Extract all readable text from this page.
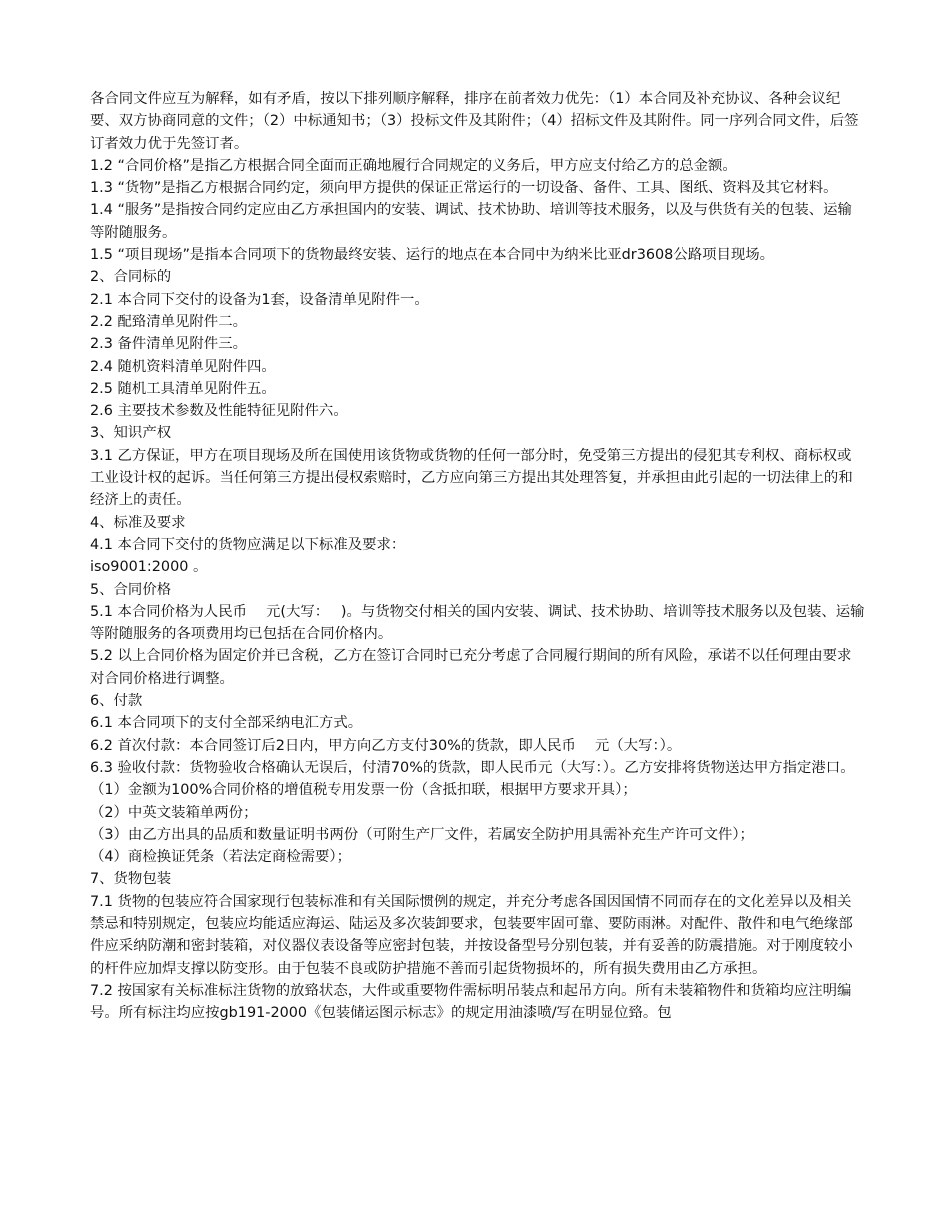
各合同文件应互为解释，如有矛盾，按以下排列顺序解释，排序在前者效力优先：（1）本合同及补充协议、各种会议纪要、双方协商同意的文件；（2）中标通知书；（3）投标文件及其附件；（4）招标文件及其附件。同一序列合同文件，后签订者效力优于先签订者。

1.2 “合同价格”是指乙方根据合同全面而正确地履行合同规定的义务后，甲方应支付给乙方的总金额。

1.3 “货物”是指乙方根据合同约定，须向甲方提供的保证正常运行的一切设备、备件、工具、图纸、资料及其它材料。

1.4 “服务”是指按合同约定应由乙方承担国内的安装、调试、技术协助、培训等技术服务，以及与供货有关的包装、运输等附随服务。

1.5 “项目现场”是指本合同项下的货物最终安装、运行的地点在本合同中为纳米比亚dr3608公路项目现场。

2、合同标的

2.1 本合同下交付的设备为1套，设备清单见附件一。

2.2 配臵清单见附件二。

2.3 备件清单见附件三。

2.4 随机资料清单见附件四。

2.5 随机工具清单见附件五。

2.6 主要技术参数及性能特征见附件六。

3、知识产权

3.1 乙方保证，甲方在项目现场及所在国使用该货物或货物的任何一部分时，免受第三方提出的侵犯其专利权、商标权或工业设计权的起诉。当任何第三方提出侵权索赔时，乙方应向第三方提出其处理答复，并承担由此引起的一切法律上的和经济上的责任。

4、标准及要求

4.1 本合同下交付的货物应满足以下标准及要求：

iso9001:2000 。

5、合同价格

5.1 本合同价格为人民币　 元(大写：　 )。与货物交付相关的国内安装、调试、技术协助、培训等技术服务以及包装、运输等附随服务的各项费用均已包括在合同价格内。

5.2 以上合同价格为固定价并已含税，乙方在签订合同时已充分考虑了合同履行期间的所有风险，承诺不以任何理由要求对合同价格进行调整。

6、付款

6.1 本合同项下的支付全部采纳电汇方式。

6.2 首次付款：本合同签订后2日内，甲方向乙方支付30%的货款，即人民币　 元（大写：）。

6.3 验收付款：货物验收合格确认无误后，付清70%的货款，即人民币元（大写：）。乙方安排将货物送达甲方指定港口。

（1）金额为100%合同价格的增值税专用发票一份（含抵扣联，根据甲方要求开具）；

（2）中英文装箱单两份；

（3）由乙方出具的品质和数量证明书两份（可附生产厂文件，若属安全防护用具需补充生产许可文件）；

（4）商检换证凭条（若法定商检需要）；

7、货物包装

7.1 货物的包装应符合国家现行包装标准和有关国际惯例的规定，并充分考虑各国因国情不同而存在的文化差异以及相关禁忌和特别规定，包装应均能适应海运、陆运及多次装卸要求，包装要牢固可靠、要防雨淋。对配件、散件和电气绝缘部件应采纳防潮和密封装箱，对仪器仪表设备等应密封包装，并按设备型号分别包装，并有妥善的防震措施。对于刚度较小的杆件应加焊支撑以防变形。由于包装不良或防护措施不善而引起货物损坏的，所有损失费用由乙方承担。

7.2 按国家有关标准标注货物的放臵状态，大件或重要物件需标明吊装点和起吊方向。所有未装箱物件和货箱均应注明编号。所有标注均应按gb191-2000《包装储运图示标志》的规定用油漆喷/写在明显位臵。包
